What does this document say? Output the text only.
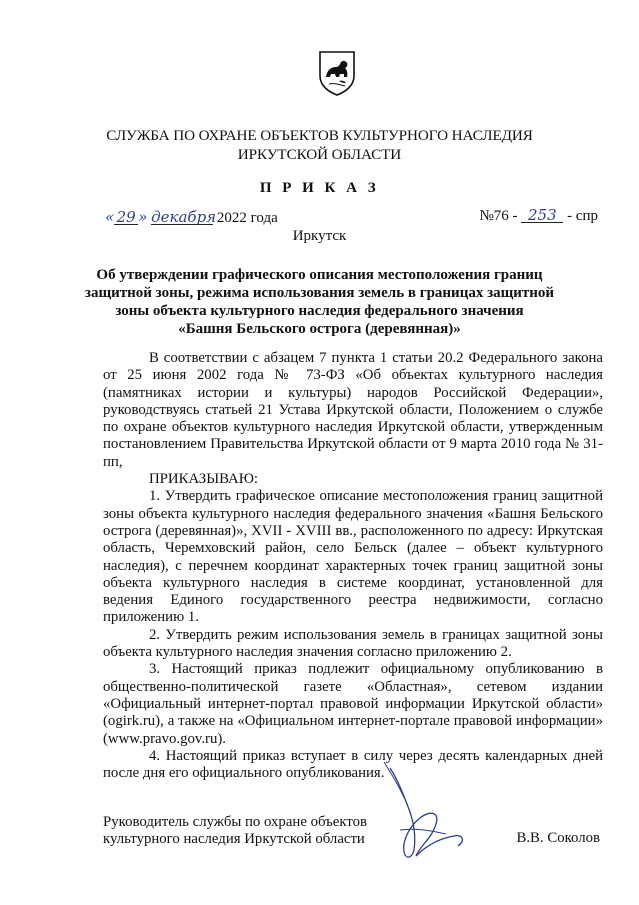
СЛУЖБА ПО ОХРАНЕ ОБЪЕКТОВ КУЛЬТУРНОГО НАСЛЕДИЯ
ИРКУТСКОЙ ОБЛАСТИ
П Р И К А З
« 29 » декабря 2022 года	№76 - 253 - спр
Иркутск
Об утверждении графического описания местоположения границ
защитной зоны, режима использования земель в границах защитной
зоны объекта культурного наследия федерального значения
«Башня Бельского острога (деревянная)»

В соответствии с абзацем 7 пункта 1 статьи 20.2 Федерального закона от 25 июня 2002 года № 73-ФЗ «Об объектах культурного наследия (памятниках истории и культуры) народов Российской Федерации», руководствуясь статьей 21 Устава Иркутской области, Положением о службе по охране объектов культурного наследия Иркутской области, утвержденным постановлением Правительства Иркутской области от 9 марта 2010 года № 31-пп,

ПРИКАЗЫВАЮ:

1. Утвердить графическое описание местоположения границ защитной зоны объекта культурного наследия федерального значения «Башня Бельского острога (деревянная)», XVII - XVIII вв., расположенного по адресу: Иркутская область, Черемховский район, село Бельск (далее – объект культурного наследия), с перечнем координат характерных точек границ защитной зоны объекта культурного наследия в системе координат, установленной для ведения Единого государственного реестра недвижимости, согласно приложению 1.

2. Утвердить режим использования земель в границах защитной зоны объекта культурного наследия значения согласно приложению 2.

3. Настоящий приказ подлежит официальному опубликованию в общественно-политической газете «Областная», сетевом издании «Официальный интернет-портал правовой информации Иркутской области» (ogirk.ru), а также на «Официальном интернет-портале правовой информации» (www.pravo.gov.ru).

4. Настоящий приказ вступает в силу через десять календарных дней после дня его официального опубликования.

Руководитель службы по охране объектов
культурного наследия Иркутской области	В.В. Соколов
